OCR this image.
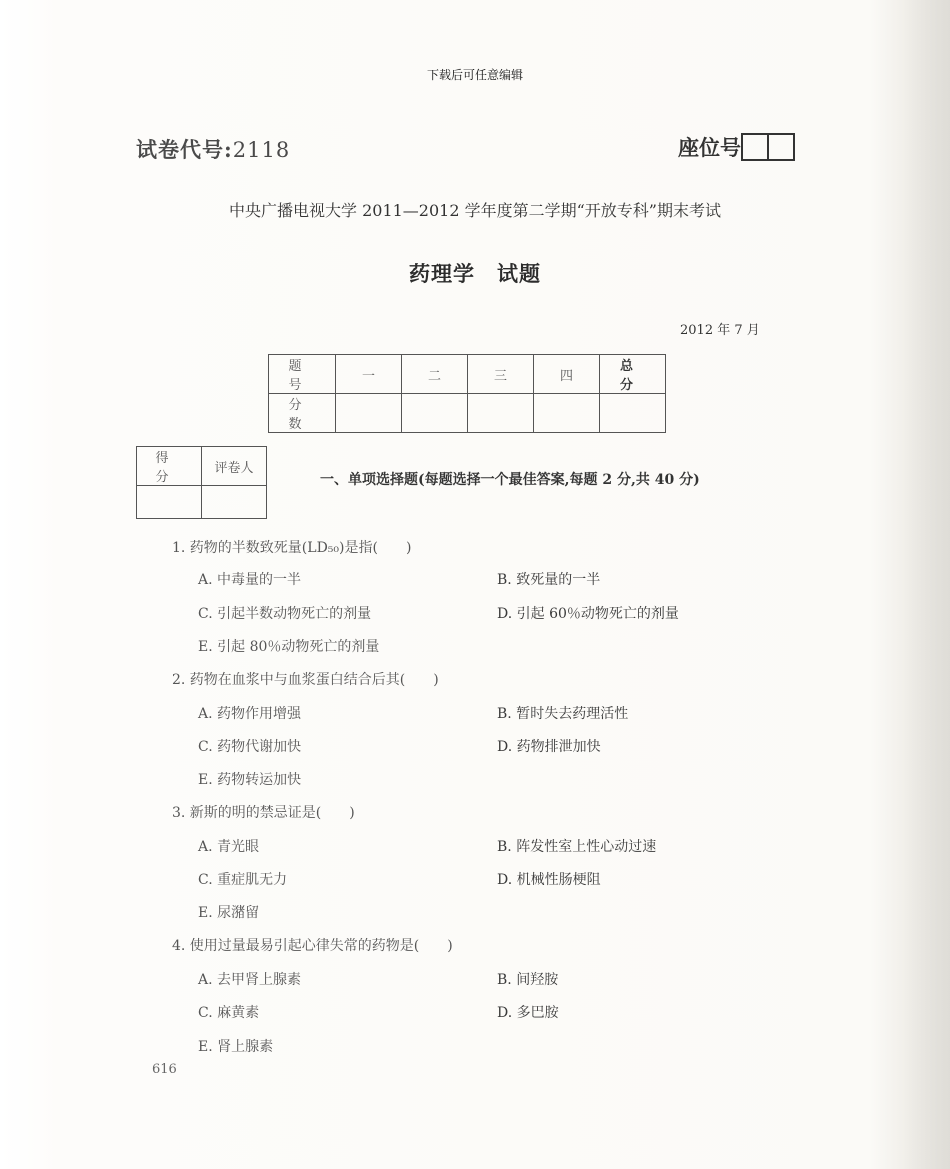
下载后可任意编辑
试卷代号:2118	座位号
中央广播电视大学 2011—2012 学年度第二学期“开放专科”期末考试
药理学　试题
2012 年 7 月
题　号	一	二	三	四	总　分
分　数					
得　分	评卷人

一、单项选择题(每题选择一个最佳答案,每题 2 分,共 40 分)
1. 药物的半数致死量(LD₅₀)是指(　　)
A. 中毒量的一半	B. 致死量的一半
C. 引起半数动物死亡的剂量	D. 引起 60％动物死亡的剂量
E. 引起 80％动物死亡的剂量
2. 药物在血浆中与血浆蛋白结合后其(　　)
A. 药物作用增强	B. 暂时失去药理活性
C. 药物代谢加快	D. 药物排泄加快
E. 药物转运加快
3. 新斯的明的禁忌证是(　　)
A. 青光眼	B. 阵发性室上性心动过速
C. 重症肌无力	D. 机械性肠梗阻
E. 尿潴留
4. 使用过量最易引起心律失常的药物是(　　)
A. 去甲肾上腺素	B. 间羟胺
C. 麻黄素	D. 多巴胺
E. 肾上腺素
616
